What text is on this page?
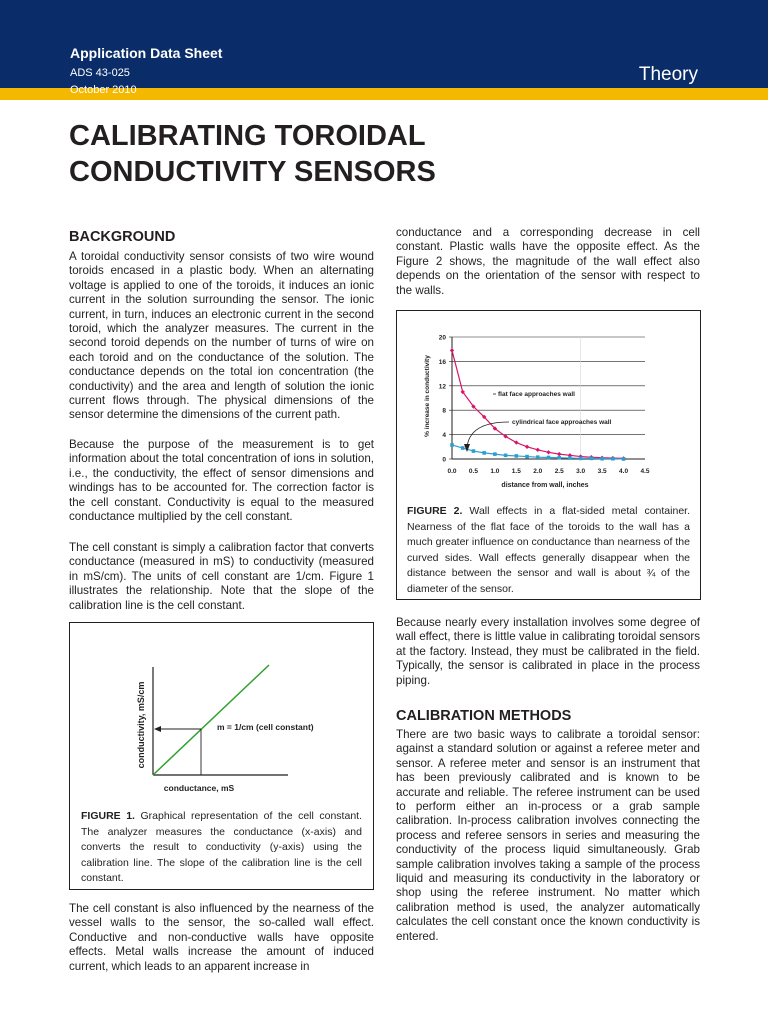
Application Data Sheet
ADS 43-025
October 2010
Theory
CALIBRATING TOROIDAL CONDUCTIVITY SENSORS
BACKGROUND
A toroidal conductivity sensor consists of two wire wound toroids encased in a plastic body. When an alternating voltage is applied to one of the toroids, it induces an ionic current in the solution surrounding the sensor. The ionic current, in turn, induces an electronic current in the second toroid, which the analyzer measures. The current in the second toroid depends on the number of turns of wire on each toroid and on the conductance of the solution. The conductance depends on the total ion concentration (the conductivity) and the area and length of solution the ionic current flows through. The physical dimensions of the sensor determine the dimensions of the current path.
Because the purpose of the measurement is to get information about the total concentration of ions in solution, i.e., the conductivity, the effect of sensor dimensions and windings has to be accounted for. The correction factor is the cell constant. Conductivity is equal to the measured conductance multiplied by the cell constant.
The cell constant is simply a calibration factor that converts conductance (measured in mS) to conductivity (measured in mS/cm). The units of cell constant are 1/cm. Figure 1 illustrates the relationship. Note that the slope of the calibration line is the cell constant.
conductivity, mS/cm	m = 1/cm (cell constant)
conductance, mS
FIGURE 1. Graphical representation of the cell constant. The analyzer measures the conductance (x-axis) and converts the result to conductivity (y-axis) using the calibration line. The slope of the calibration line is the cell constant.
The cell constant is also influenced by the nearness of the vessel walls to the sensor, the so-called wall effect. Conductive and non-conductive walls have opposite effects. Metal walls increase the amount of induced current, which leads to an apparent increase in
conductance and a corresponding decrease in cell constant. Plastic walls have the opposite effect. As the Figure 2 shows, the magnitude of the wall effect also depends on the orientation of the sensor with respect to the walls.
0
4
8
12
16
20
0.0 0.5 1.0 1.5 2.0 2.5 3.0 3.5 4.0 4.5
% increase in conductivity
distance from wall, inches
flat face approaches wall
cylindrical face approaches wall
FIGURE 2. Wall effects in a flat-sided metal container. Nearness of the flat face of the toroids to the wall has a much greater influence on conductance than nearness of the curved sides. Wall effects generally disappear when the distance between the sensor and wall is about ¾ of the diameter of the sensor.
Because nearly every installation involves some degree of wall effect, there is little value in calibrating toroidal sensors at the factory. Instead, they must be calibrated in the field. Typically, the sensor is calibrated in place in the process piping.
CALIBRATION METHODS
There are two basic ways to calibrate a toroidal sensor: against a standard solution or against a referee meter and sensor. A referee meter and sensor is an instrument that has been previously calibrated and is known to be accurate and reliable. The referee instrument can be used to perform either an in-process or a grab sample calibration. In-process calibration involves connecting the process and referee sensors in series and measuring the conductivity of the process liquid simultaneously. Grab sample calibration involves taking a sample of the process liquid and measuring its conductivity in the laboratory or shop using the referee instrument. No matter which calibration method is used, the analyzer automatically calculates the cell constant once the known conductivity is entered.
